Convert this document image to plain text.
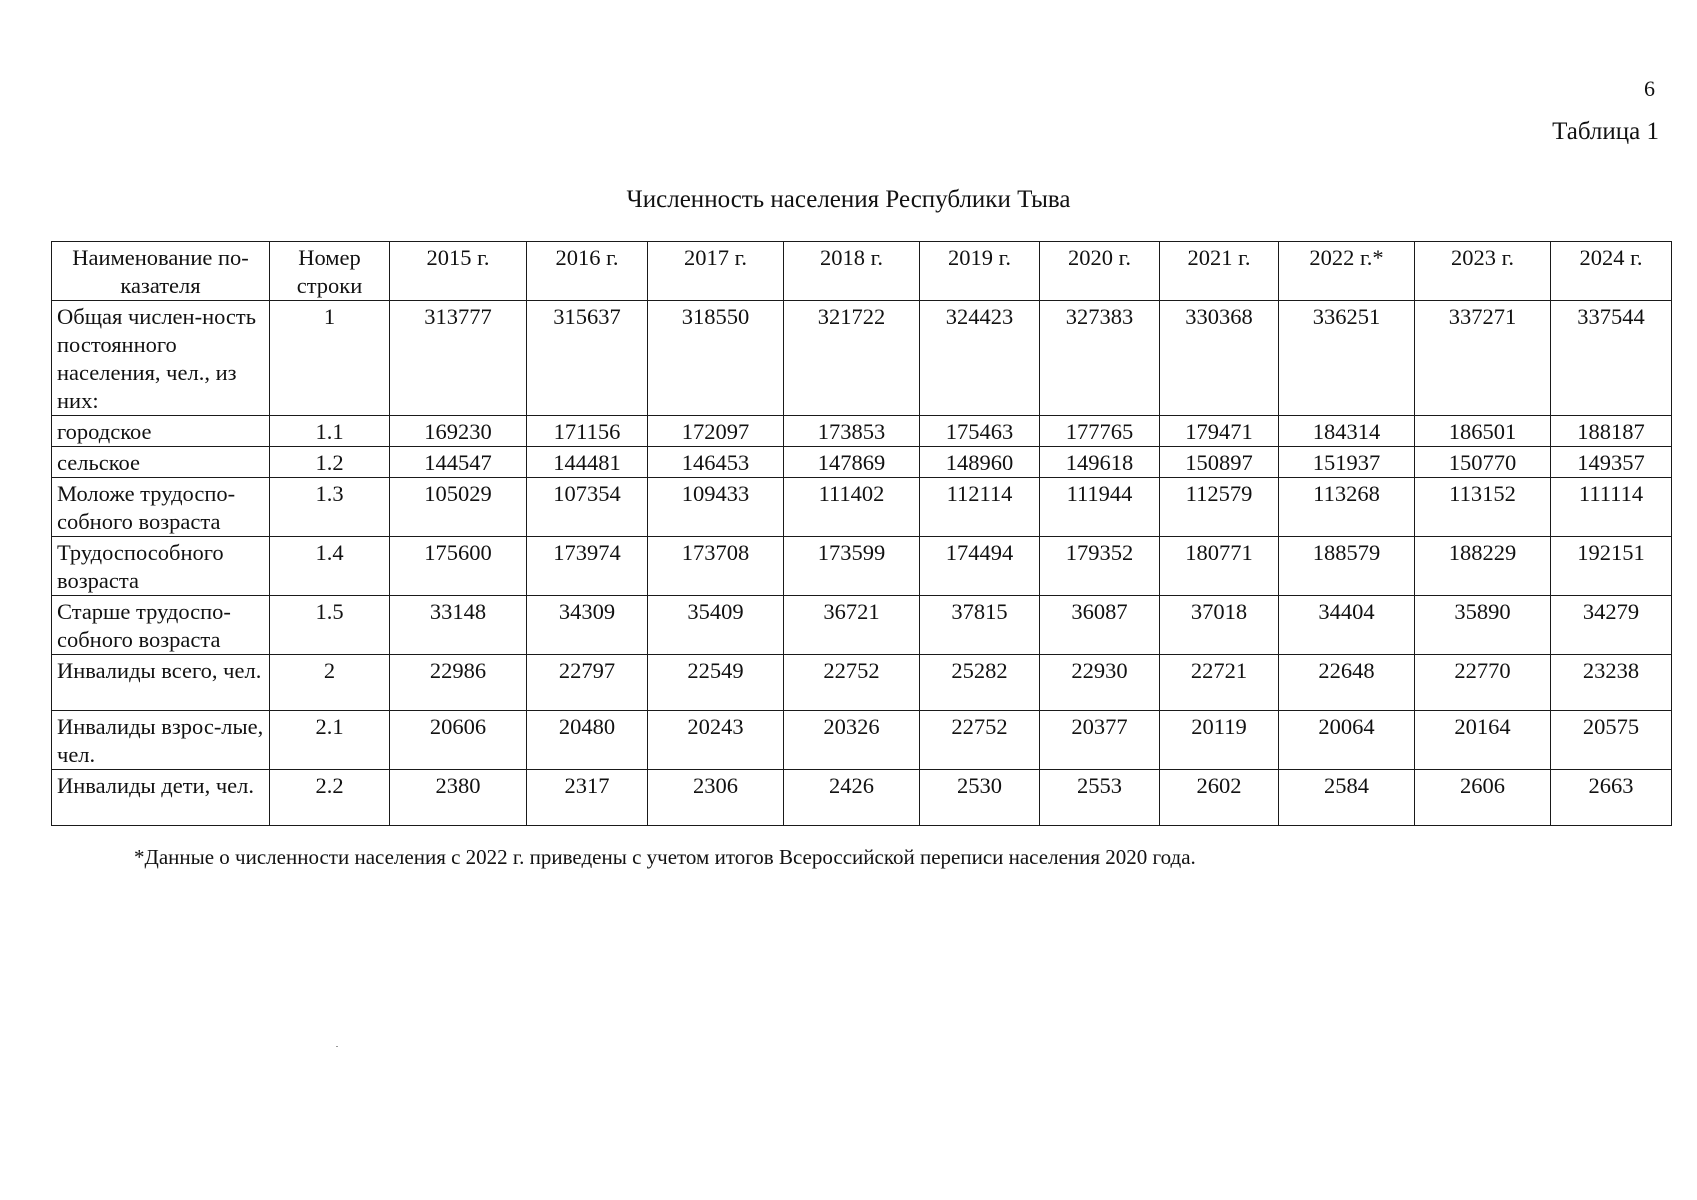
6
Таблица 1
Численность населения Республики Тыва
Наименование по-казателя	Номер строки	2015 г.	2016 г.	2017 г.	2018 г.	2019 г.	2020 г.	2021 г.	2022 г.*	2023 г.	2024 г.
Общая числен-ность постоянного населения, чел., из них:	1	313777	315637	318550	321722	324423	327383	330368	336251	337271	337544
городское	1.1	169230	171156	172097	173853	175463	177765	179471	184314	186501	188187
сельское	1.2	144547	144481	146453	147869	148960	149618	150897	151937	150770	149357
Моложе трудоспо-собного возраста	1.3	105029	107354	109433	111402	112114	111944	112579	113268	113152	111114
Трудоспособного возраста	1.4	175600	173974	173708	173599	174494	179352	180771	188579	188229	192151
Старше трудоспо-собного возраста	1.5	33148	34309	35409	36721	37815	36087	37018	34404	35890	34279
Инвалиды всего, чел.	2	22986	22797	22549	22752	25282	22930	22721	22648	22770	23238
Инвалиды взрос-лые, чел.	2.1	20606	20480	20243	20326	22752	20377	20119	20064	20164	20575
Инвалиды дети, чел.	2.2	2380	2317	2306	2426	2530	2553	2602	2584	2606	2663
*Данные о численности населения с 2022 г. приведены с учетом итогов Всероссийской переписи населения 2020 года.
